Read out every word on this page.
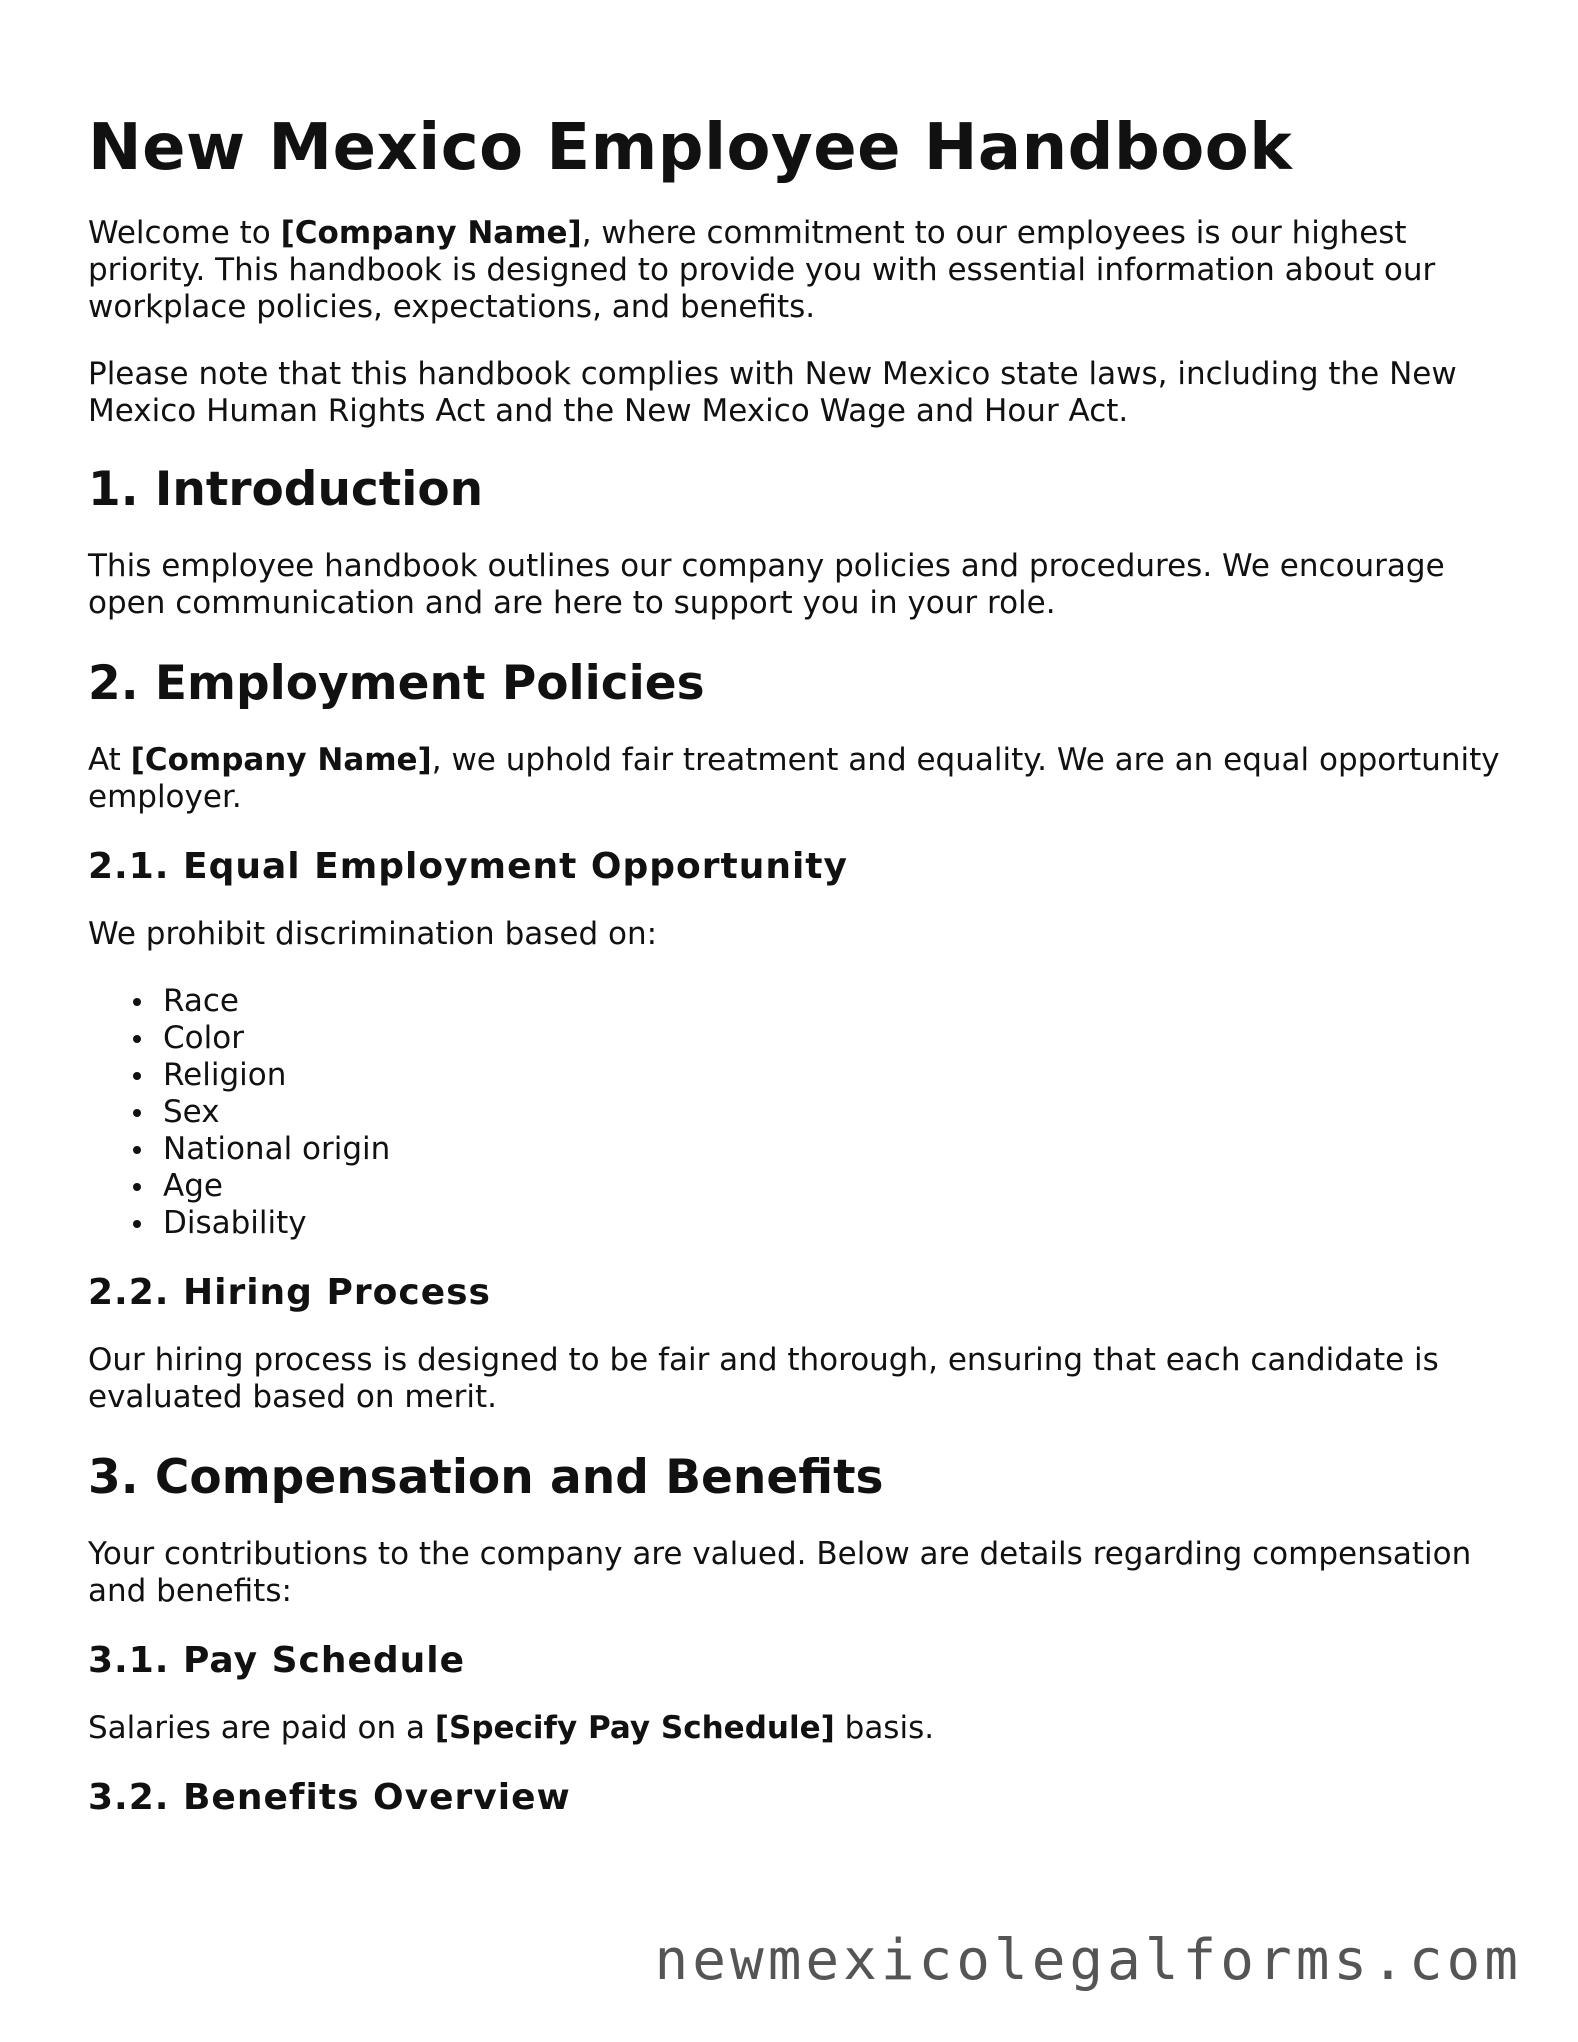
New Mexico Employee Handbook

Welcome to [Company Name], where commitment to our employees is our highest priority. This handbook is designed to provide you with essential information about our workplace policies, expectations, and benefits.

Please note that this handbook complies with New Mexico state laws, including the New Mexico Human Rights Act and the New Mexico Wage and Hour Act.

1. Introduction

This employee handbook outlines our company policies and procedures. We encourage open communication and are here to support you in your role.

2. Employment Policies

At [Company Name], we uphold fair treatment and equality. We are an equal opportunity employer.

2.1. Equal Employment Opportunity

We prohibit discrimination based on:

Race
Color
Religion
Sex
National origin
Age
Disability
2.2. Hiring Process

Our hiring process is designed to be fair and thorough, ensuring that each candidate is evaluated based on merit.

3. Compensation and Benefits

Your contributions to the company are valued. Below are details regarding compensation and benefits:

3.1. Pay Schedule

Salaries are paid on a [Specify Pay Schedule] basis.

3.2. Benefits Overview
newmexicolegalforms.com
